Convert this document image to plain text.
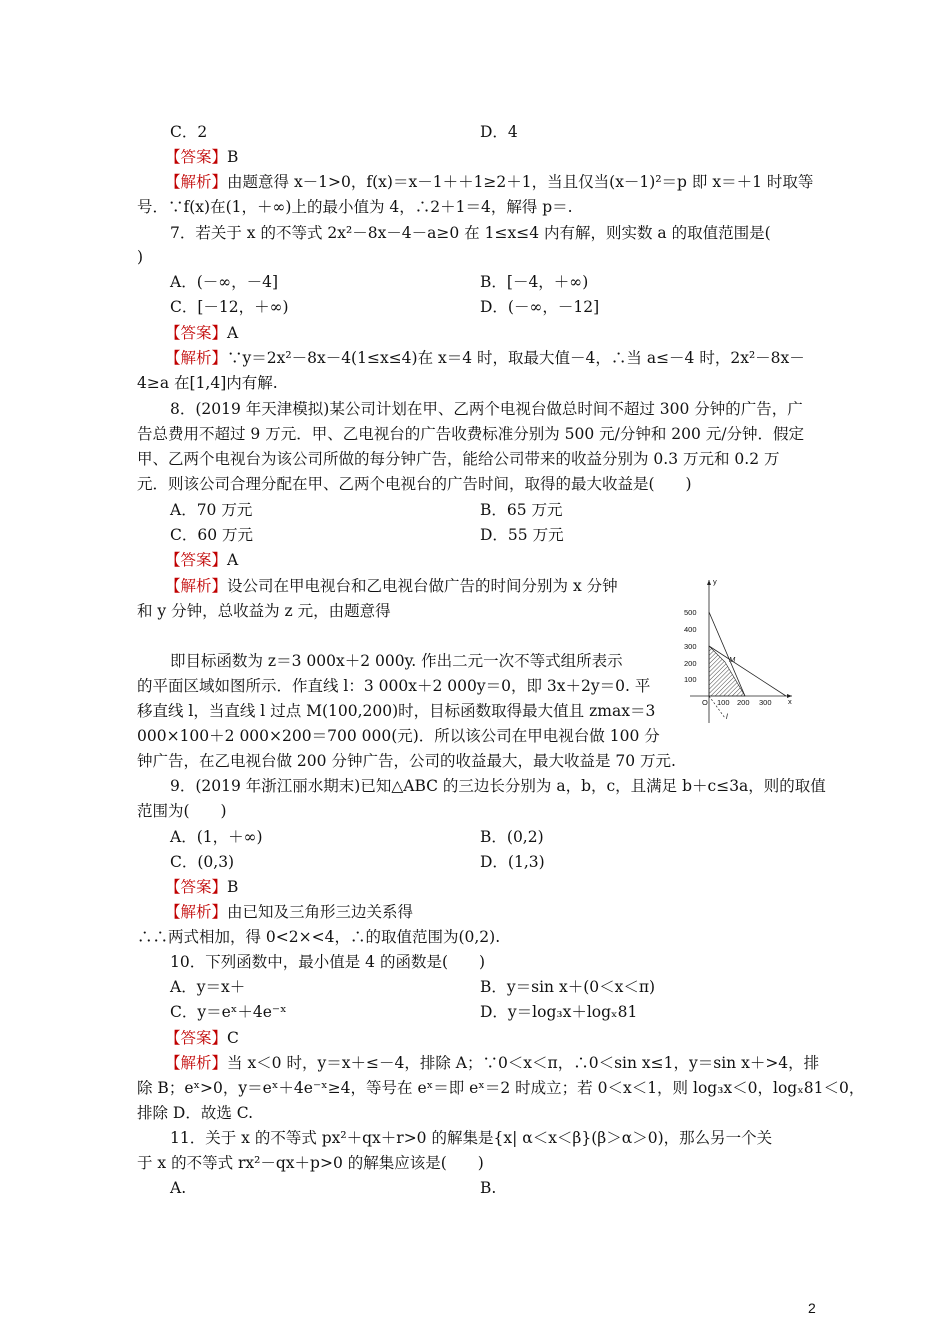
C．2	D．4
【答案】B
【解析】由题意得 x－1>0，f(x)＝x－1＋＋1≥2＋1，当且仅当(x－1)²＝p 即 x＝＋1 时取等
号．∵f(x)在(1，＋∞)上的最小值为 4，∴2＋1＝4，解得 p＝.
7．若关于 x 的不等式 2x²－8x－4－a≥0 在 1≤x≤4 内有解，则实数 a 的取值范围是(
)
A．(－∞，－4]	B．[－4，＋∞)
C．[－12，＋∞)	D．(－∞，－12]
【答案】A
【解析】∵y＝2x²－8x－4(1≤x≤4)在 x＝4 时，取最大值－4，∴当 a≤－4 时，2x²－8x－
4≥a 在[1,4]内有解.
8．(2019 年天津模拟)某公司计划在甲、乙两个电视台做总时间不超过 300 分钟的广告，广
告总费用不超过 9 万元．甲、乙电视台的广告收费标准分别为 500 元/分钟和 200 元/分钟．假定
甲、乙两个电视台为该公司所做的每分钟广告，能给公司带来的收益分别为 0.3 万元和 0.2 万
元．则该公司合理分配在甲、乙两个电视台的广告时间，取得的最大收益是(　　)
A．70 万元	B．65 万元
C．60 万元	D．55 万元
【答案】A
【解析】设公司在甲电视台和乙电视台做广告的时间分别为 x 分钟
和 y 分钟，总收益为 z 元，由题意得
即目标函数为 z＝3 000x＋2 000y. 作出二元一次不等式组所表示
的平面区域如图所示．作直线 l：3 000x＋2 000y＝0，即 3x＋2y＝0. 平
移直线 l，当直线 l 过点 M(100,200)时，目标函数取得最大值且 zmax＝3
000×100＋2 000×200＝700 000(元)．所以该公司在甲电视台做 100 分
钟广告，在乙电视台做 200 分钟广告，公司的收益最大，最大收益是 70 万元.
9．(2019 年浙江丽水期末)已知△ABC 的三边长分别为 a，b，c，且满足 b＋c≤3a，则的取值
范围为(　　)
A．(1，＋∞)	B．(0,2)
C．(0,3)	D．(1,3)
【答案】B
【解析】由已知及三角形三边关系得
∴∴两式相加，得 0<2×<4，∴的取值范围为(0,2).
10．下列函数中，最小值是 4 的函数是(　　)
A．y＝x＋	B．y＝sin x＋(0＜x＜π)
C．y＝eˣ＋4e⁻ˣ	D．y＝log₃x＋logₓ81
【答案】C
【解析】当 x＜0 时，y＝x＋≤－4，排除 A；∵0＜x＜π，∴0＜sin x≤1，y＝sin x＋>4，排
除 B；eˣ>0，y＝eˣ＋4e⁻ˣ≥4，等号在 eˣ＝即 eˣ＝2 时成立；若 0＜x＜1，则 log₃x＜0，logₓ81＜0，
排除 D．故选 C.
11．关于 x 的不等式 px²＋qx＋r>0 的解集是{x| α＜x＜β}(β＞α＞0)，那么另一个关
于 x 的不等式 rx²－qx＋p>0 的解集应该是(　　)
A.	B.
500
400
300
200
100
100 200 300
O
y
x
M
l
2
